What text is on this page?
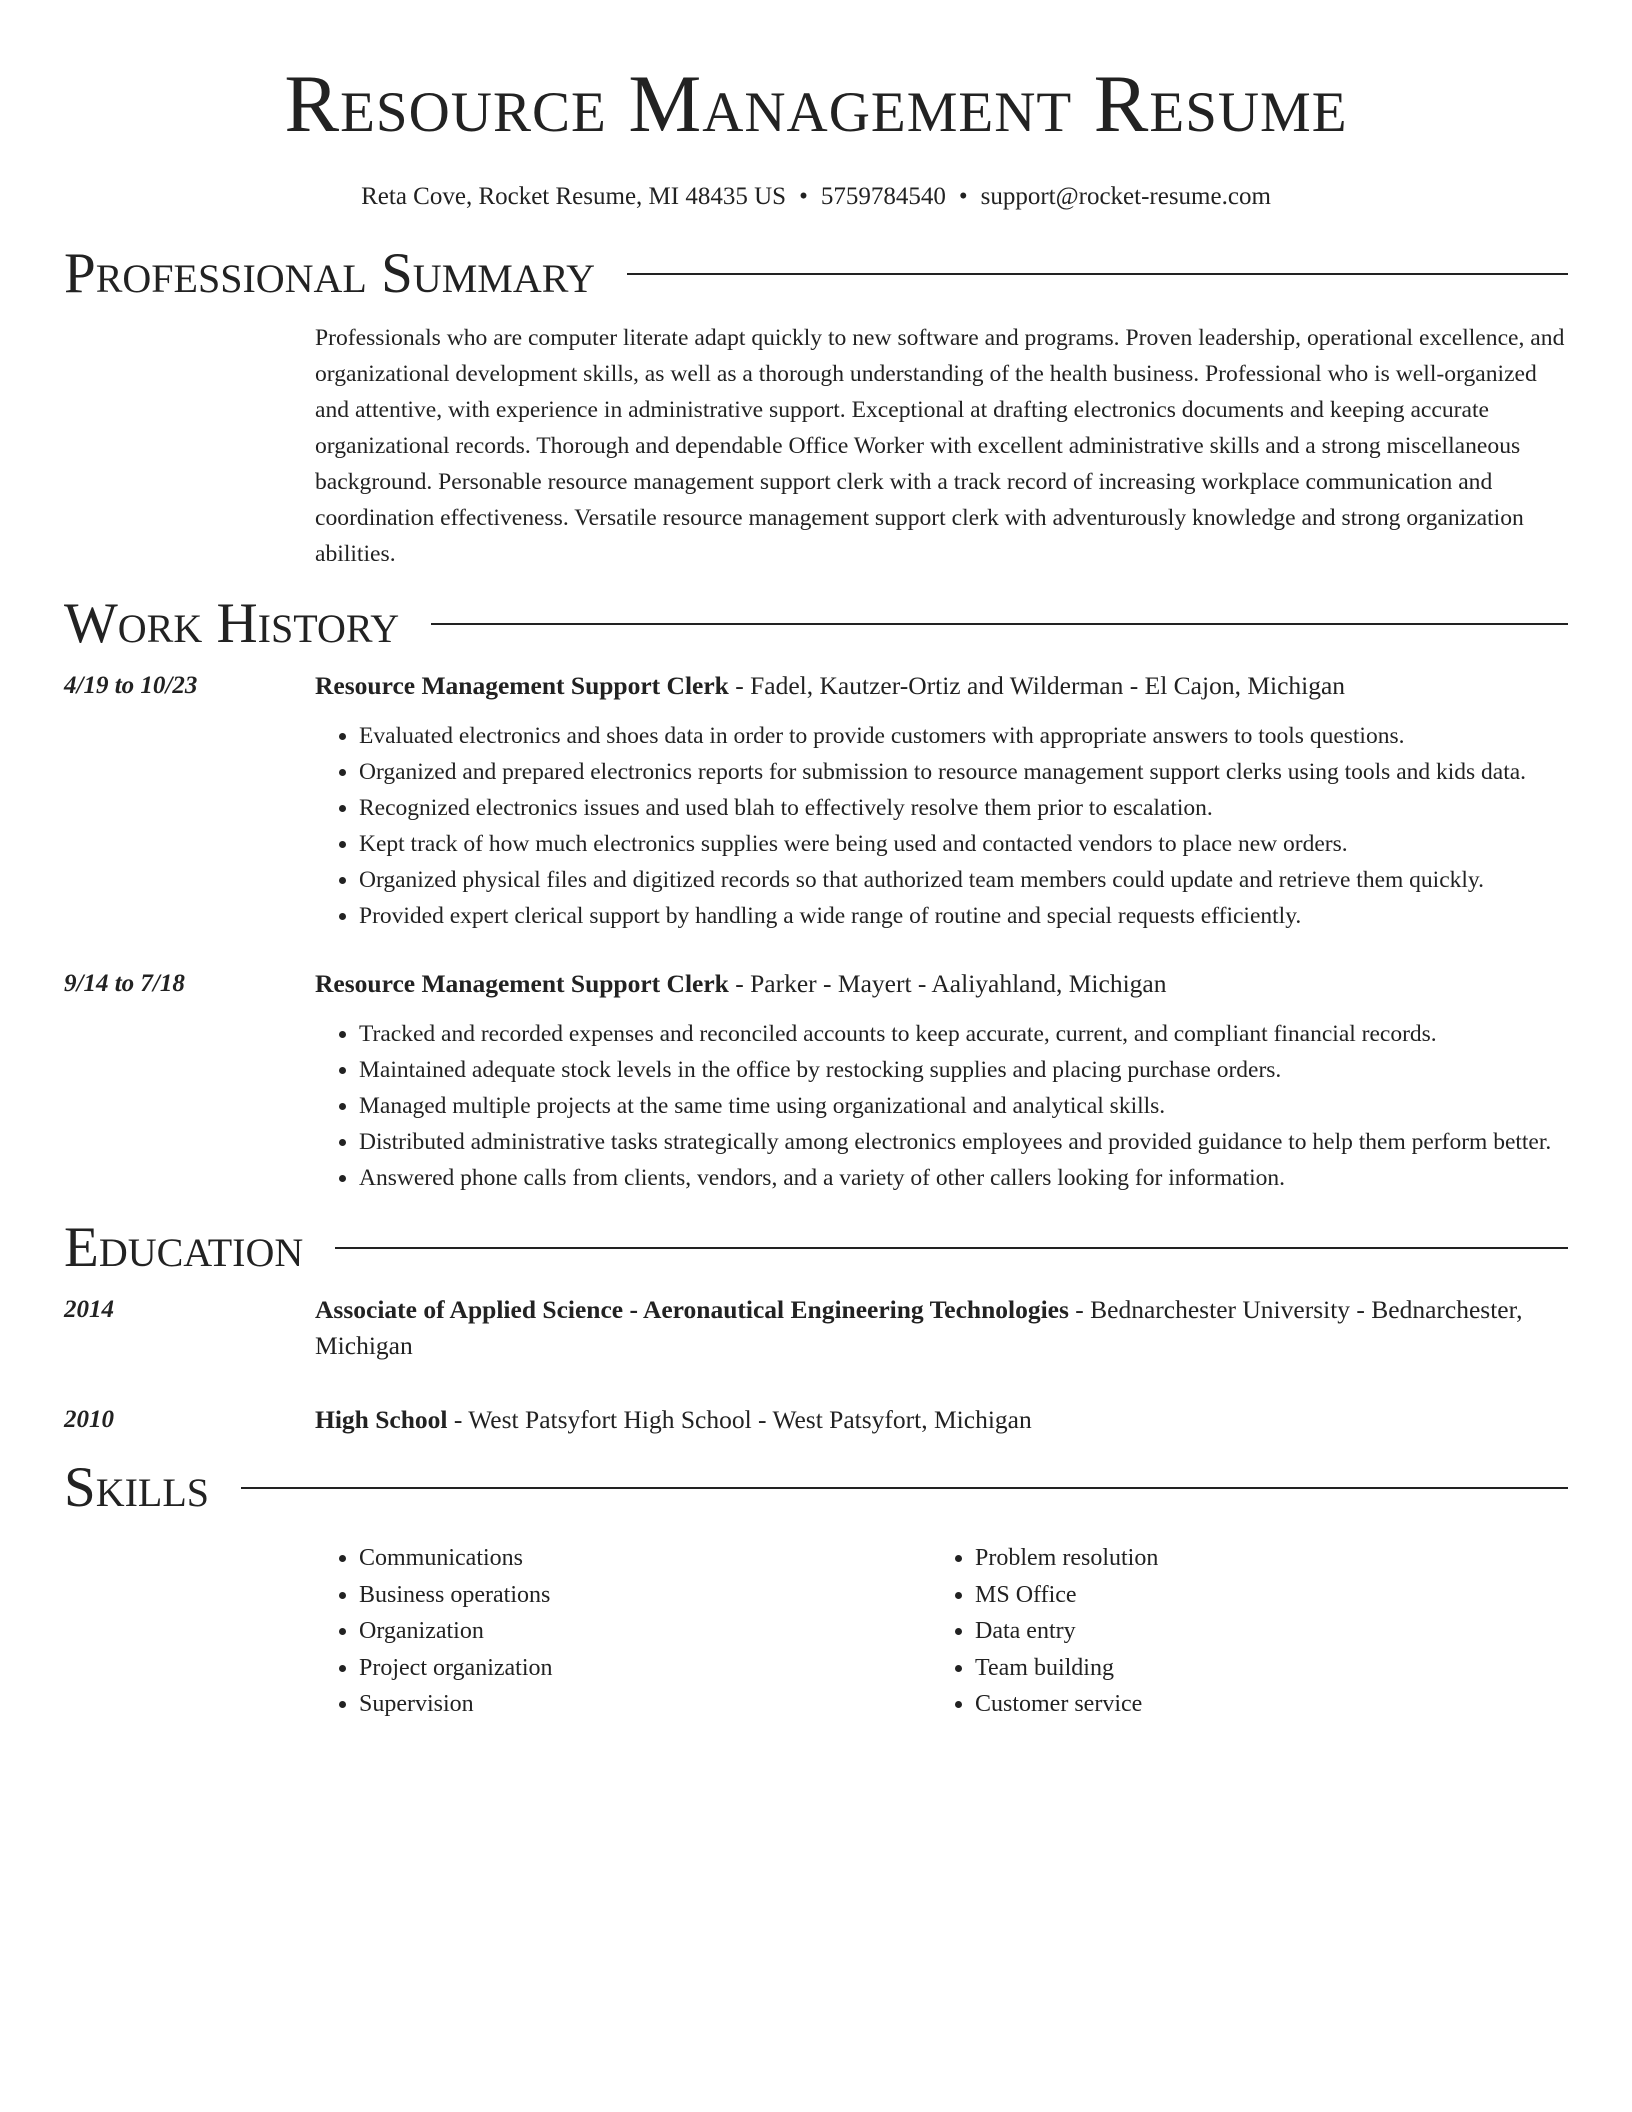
Resource Management Resume
Reta Cove, Rocket Resume, MI 48435 US • 5759784540 • support@rocket-resume.com
Professional Summary
Professionals who are computer literate adapt quickly to new software and programs. Proven leadership, operational excellence, and organizational development skills, as well as a thorough understanding of the health business. Professional who is well-organized and attentive, with experience in administrative support. Exceptional at drafting electronics documents and keeping accurate organizational records. Thorough and dependable Office Worker with excellent administrative skills and a strong miscellaneous background. Personable resource management support clerk with a track record of increasing workplace communication and coordination effectiveness. Versatile resource management support clerk with adventurously knowledge and strong organization abilities.
Work History
4/19 to 10/23	Resource Management Support Clerk - Fadel, Kautzer-Ortiz and Wilderman - El Cajon, Michigan
• Evaluated electronics and shoes data in order to provide customers with appropriate answers to tools questions.
• Organized and prepared electronics reports for submission to resource management support clerks using tools and kids data.
• Recognized electronics issues and used blah to effectively resolve them prior to escalation.
• Kept track of how much electronics supplies were being used and contacted vendors to place new orders.
• Organized physical files and digitized records so that authorized team members could update and retrieve them quickly.
• Provided expert clerical support by handling a wide range of routine and special requests efficiently.
9/14 to 7/18	Resource Management Support Clerk - Parker - Mayert - Aaliyahland, Michigan
• Tracked and recorded expenses and reconciled accounts to keep accurate, current, and compliant financial records.
• Maintained adequate stock levels in the office by restocking supplies and placing purchase orders.
• Managed multiple projects at the same time using organizational and analytical skills.
• Distributed administrative tasks strategically among electronics employees and provided guidance to help them perform better.
• Answered phone calls from clients, vendors, and a variety of other callers looking for information.
Education
2014	Associate of Applied Science - Aeronautical Engineering Technologies - Bednarchester University - Bednarchester, Michigan
2010	High School - West Patsyfort High School - West Patsyfort, Michigan
Skills
• Communications
• Business operations
• Organization
• Project organization
• Supervision
• Problem resolution
• MS Office
• Data entry
• Team building
• Customer service
